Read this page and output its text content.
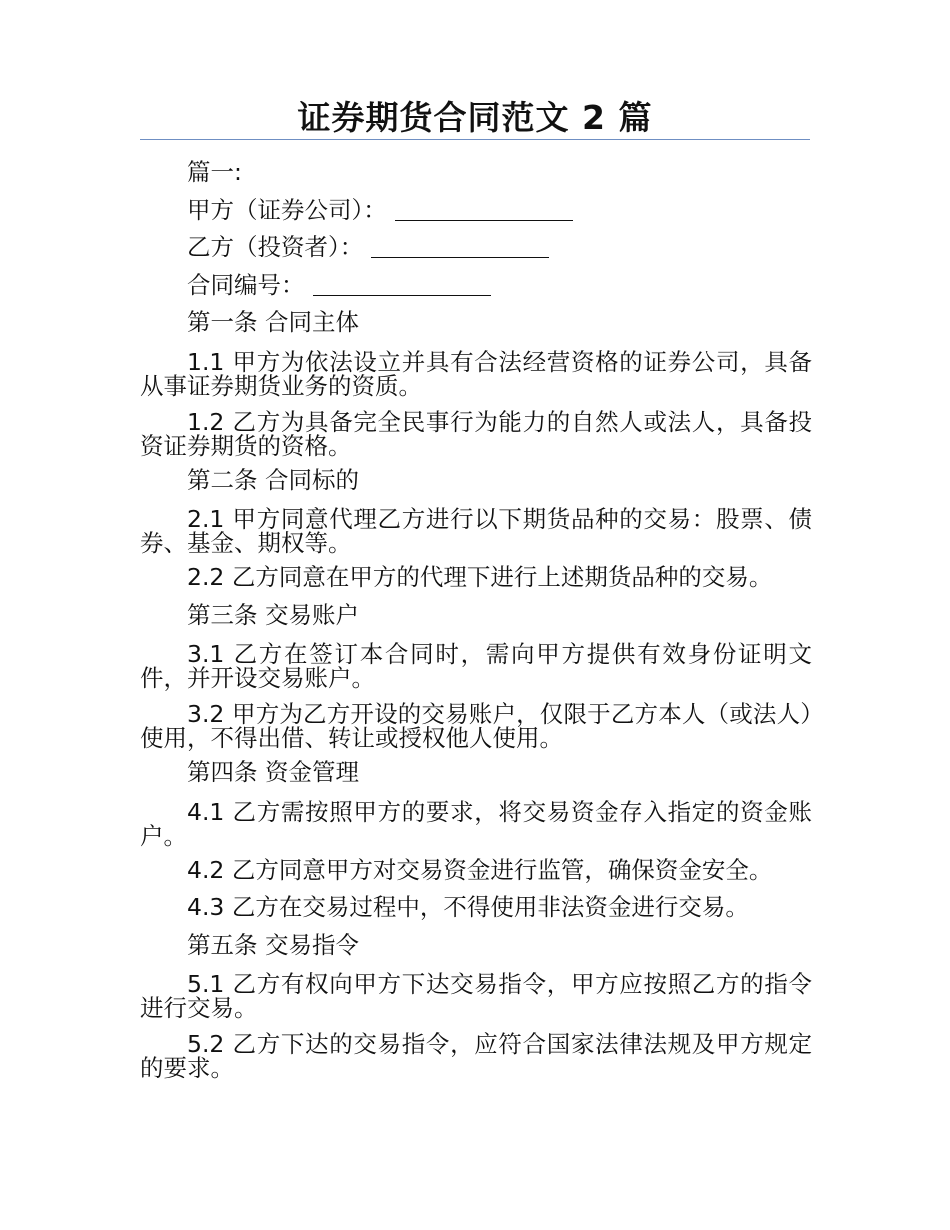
证券期货合同范文 2 篇
篇一:
甲方（证券公司）：
乙方（投资者）：
合同编号：
第一条 合同主体

1.1 甲方为依法设立并具有合法经营资格的证券公司，具备从事证券期货业务的资质。

1.2 乙方为具备完全民事行为能力的自然人或法人，具备投资证券期货的资格。

第二条 合同标的

2.1 甲方同意代理乙方进行以下期货品种的交易：股票、债券、基金、期权等。

2.2 乙方同意在甲方的代理下进行上述期货品种的交易。
第三条 交易账户

3.1 乙方在签订本合同时，需向甲方提供有效身份证明文件，并开设交易账户。

3.2 甲方为乙方开设的交易账户，仅限于乙方本人（或法人）使用，不得出借、转让或授权他人使用。

第四条 资金管理

4.1 乙方需按照甲方的要求，将交易资金存入指定的资金账户。

4.2 乙方同意甲方对交易资金进行监管，确保资金安全。
4.3 乙方在交易过程中，不得使用非法资金进行交易。
第五条 交易指令

5.1 乙方有权向甲方下达交易指令，甲方应按照乙方的指令进行交易。

5.2 乙方下达的交易指令，应符合国家法律法规及甲方规定的要求。
